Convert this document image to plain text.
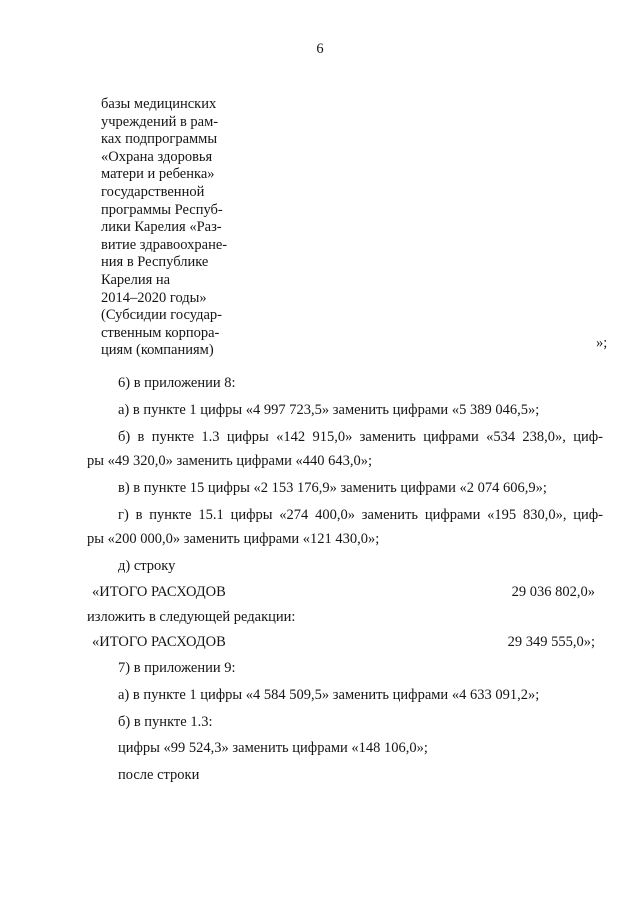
6
базы медицинских
учреждений в рам-
ках подпрограммы
«Охрана здоровья
матери и ребенка»
государственной
программы Респуб-
лики Карелия «Раз-
витие здравоохране-
ния в Республике
Карелия на
2014–2020 годы»
(Субсидии государ-
ственным корпора-
циям (компаниям)	»;
6) в приложении 8:
а) в пункте 1 цифры «4 997 723,5» заменить цифрами «5 389 046,5»;
б) в пункте 1.3 цифры «142 915,0» заменить цифрами «534 238,0», циф-
ры «49 320,0» заменить цифрами «440 643,0»;
в) в пункте 15 цифры «2 153 176,9» заменить цифрами «2 074 606,9»;
г) в пункте 15.1 цифры «274 400,0» заменить цифрами «195 830,0», циф-
ры «200 000,0» заменить цифрами «121 430,0»;
д) строку
«ИТОГО РАСХОДОВ	29 036 802,0»
изложить в следующей редакции:
«ИТОГО РАСХОДОВ	29 349 555,0»;
7) в приложении 9:
а) в пункте 1 цифры «4 584 509,5» заменить цифрами «4 633 091,2»;
б) в пункте 1.3:
цифры «99 524,3» заменить цифрами «148 106,0»;
после строки
